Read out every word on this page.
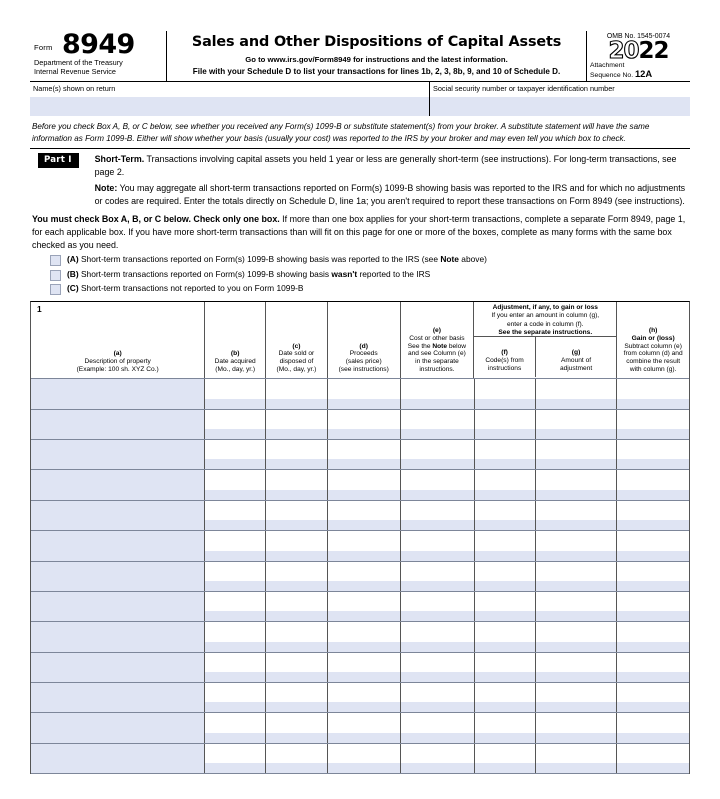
Form 8949
Department of the Treasury
Internal Revenue Service
Sales and Other Dispositions of Capital Assets
Go to www.irs.gov/Form8949 for instructions and the latest information.
File with your Schedule D to list your transactions for lines 1b, 2, 3, 8b, 9, and 10 of Schedule D.
OMB No. 1545-0074
2022
Attachment
Sequence No. 12A
Name(s) shown on return	Social security number or taxpayer identification number
Before you check Box A, B, or C below, see whether you received any Form(s) 1099-B or substitute statement(s) from your broker. A substitute statement will have the same information as Form 1099-B. Either will show whether your basis (usually your cost) was reported to the IRS by your broker and may even tell you which box to check.
Part I	Short-Term. Transactions involving capital assets you held 1 year or less are generally short-term (see instructions). For long-term transactions, see page 2.

Note: You may aggregate all short-term transactions reported on Form(s) 1099-B showing basis was reported to the IRS and for which no adjustments or codes are required. Enter the totals directly on Schedule D, line 1a; you aren't required to report these transactions on Form 8949 (see instructions).

You must check Box A, B, or C below. Check only one box. If more than one box applies for your short-term transactions, complete a separate Form 8949, page 1, for each applicable box. If you have more short-term transactions than will fit on this page for one or more of the boxes, complete as many forms with the same box checked as you need.
(A) Short-term transactions reported on Form(s) 1099-B showing basis was reported to the IRS (see Note above)
(B) Short-term transactions reported on Form(s) 1099-B showing basis wasn't reported to the IRS
(C) Short-term transactions not reported to you on Form 1099-B
1
(a)
Description of property
(Example: 100 sh. XYZ Co.)
(b)
Date acquired
(Mo., day, yr.)
(c)
Date sold or
disposed of
(Mo., day, yr.)
(d)
Proceeds
(sales price)
(see instructions)
(e)
Cost or other basis
See the Note below
and see Column (e)
in the separate
instructions.
Adjustment, if any, to gain or loss
If you enter an amount in column (g),
enter a code in column (f).
See the separate instructions.
(f)
Code(s) from
instructions
(g)
Amount of
adjustment
(h)
Gain or (loss)
Subtract column (e)
from column (d) and
combine the result
with column (g).
